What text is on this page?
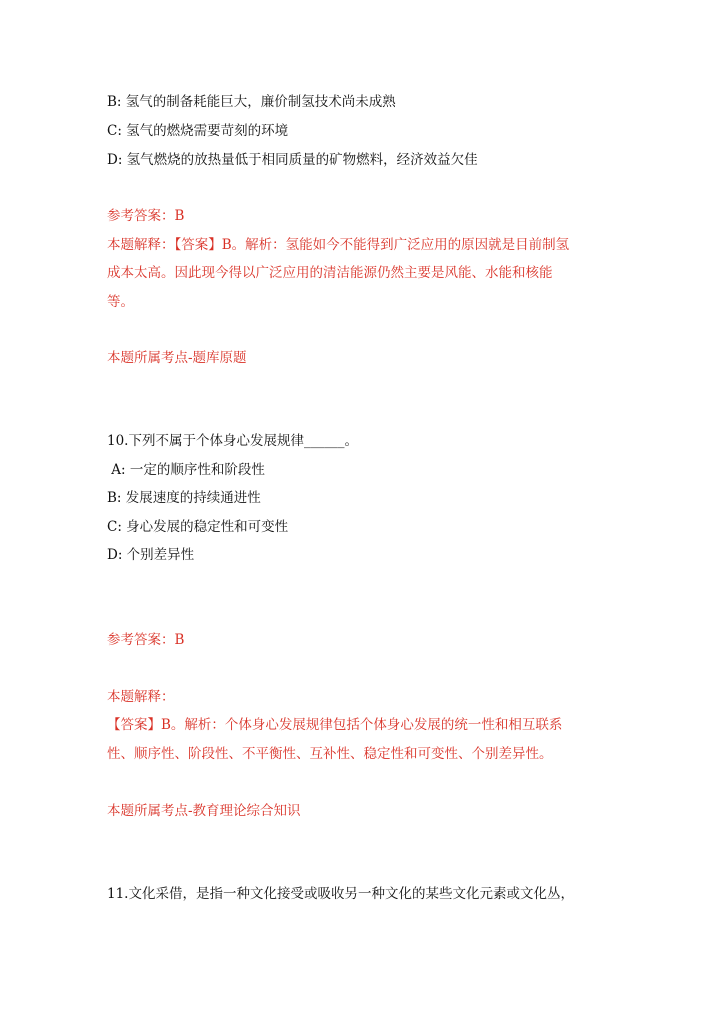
B: 氢气的制备耗能巨大，廉价制氢技术尚未成熟
C: 氢气的燃烧需要苛刻的环境
D: 氢气燃烧的放热量低于相同质量的矿物燃料，经济效益欠佳
参考答案：B
本题解释：【答案】B。解析：氢能如今不能得到广泛应用的原因就是目前制氢
成本太高。因此现今得以广泛应用的清洁能源仍然主要是风能、水能和核能
等。
本题所属考点-题库原题
10.下列不属于个体身心发展规律______。
A: 一定的顺序性和阶段性
B: 发展速度的持续通进性
C: 身心发展的稳定性和可变性
D: 个别差异性
参考答案：B
本题解释：
【答案】B。解析：个体身心发展规律包括个体身心发展的统一性和相互联系
性、顺序性、阶段性、不平衡性、互补性、稳定性和可变性、个别差异性。
本题所属考点-教育理论综合知识
11.文化采借，是指一种文化接受或吸收另一种文化的某些文化元素或文化丛，
